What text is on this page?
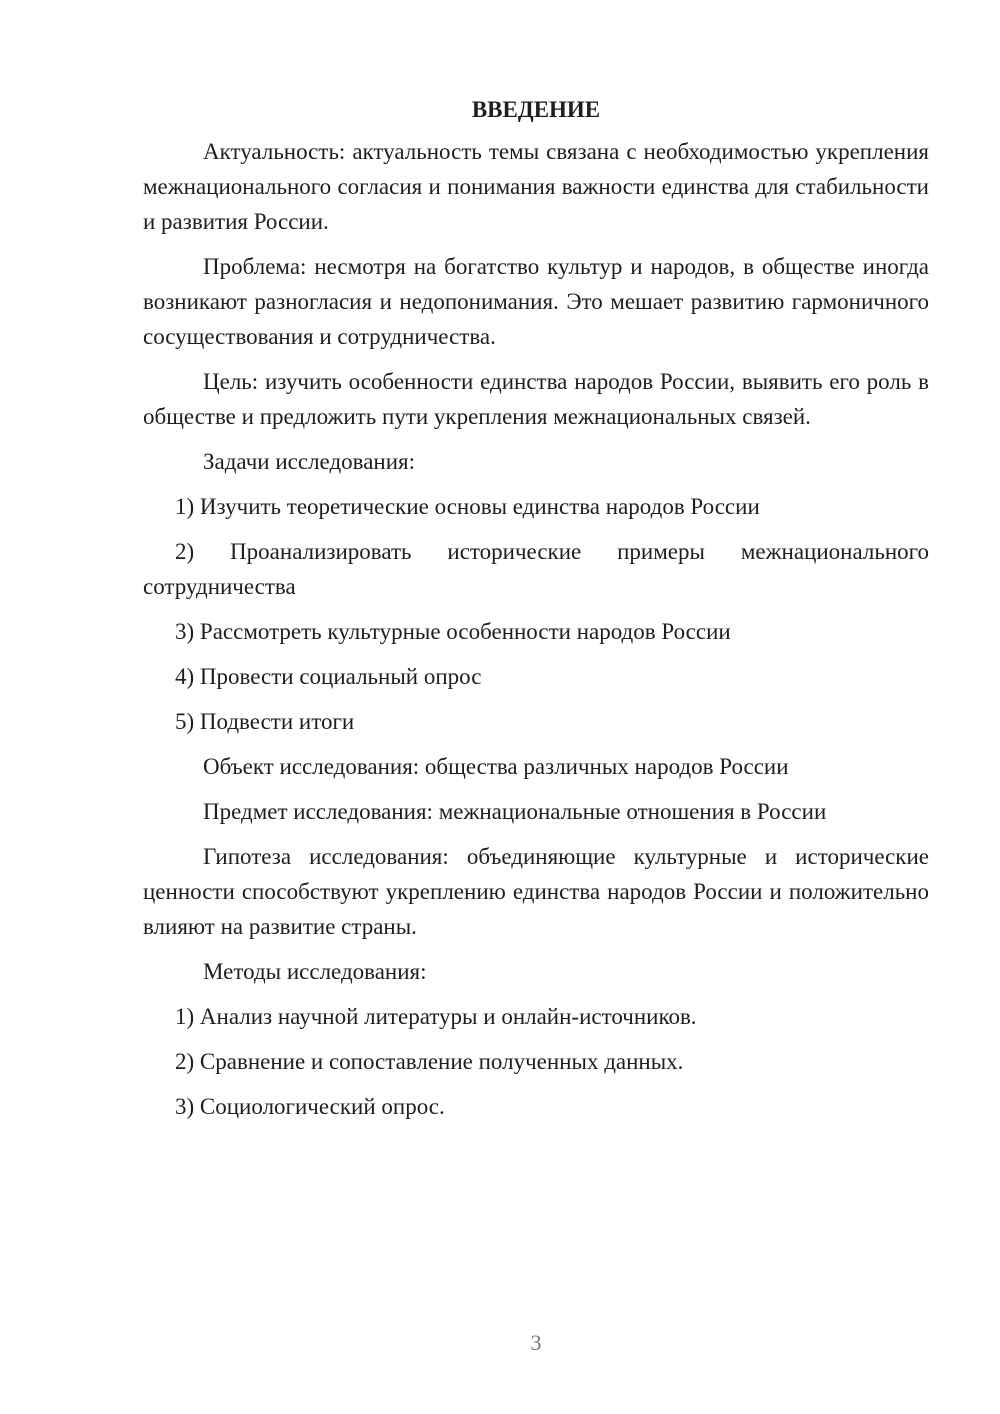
ВВЕДЕНИЕ

Актуальность: актуальность темы связана с необходимостью укрепления межнационального согласия и понимания важности единства для стабильности и развития России.

Проблема: несмотря на богатство культур и народов, в обществе иногда возникают разногласия и недопонимания. Это мешает развитию гармоничного сосуществования и сотрудничества.

Цель: изучить особенности единства народов России, выявить его роль в обществе и предложить пути укрепления межнациональных связей.

Задачи исследования:

1) Изучить теоретические основы единства народов России

2) Проанализировать исторические примеры межнационального сотрудничества

3) Рассмотреть культурные особенности народов России

4) Провести социальный опрос

5) Подвести итоги

Объект исследования: общества различных народов России

Предмет исследования: межнациональные отношения в России

Гипотеза исследования: объединяющие культурные и исторические ценности способствуют укреплению единства народов России и положительно влияют на развитие страны.

Методы исследования:

1) Анализ научной литературы и онлайн-источников.

2) Сравнение и сопоставление полученных данных.

3) Социологический опрос.

3
